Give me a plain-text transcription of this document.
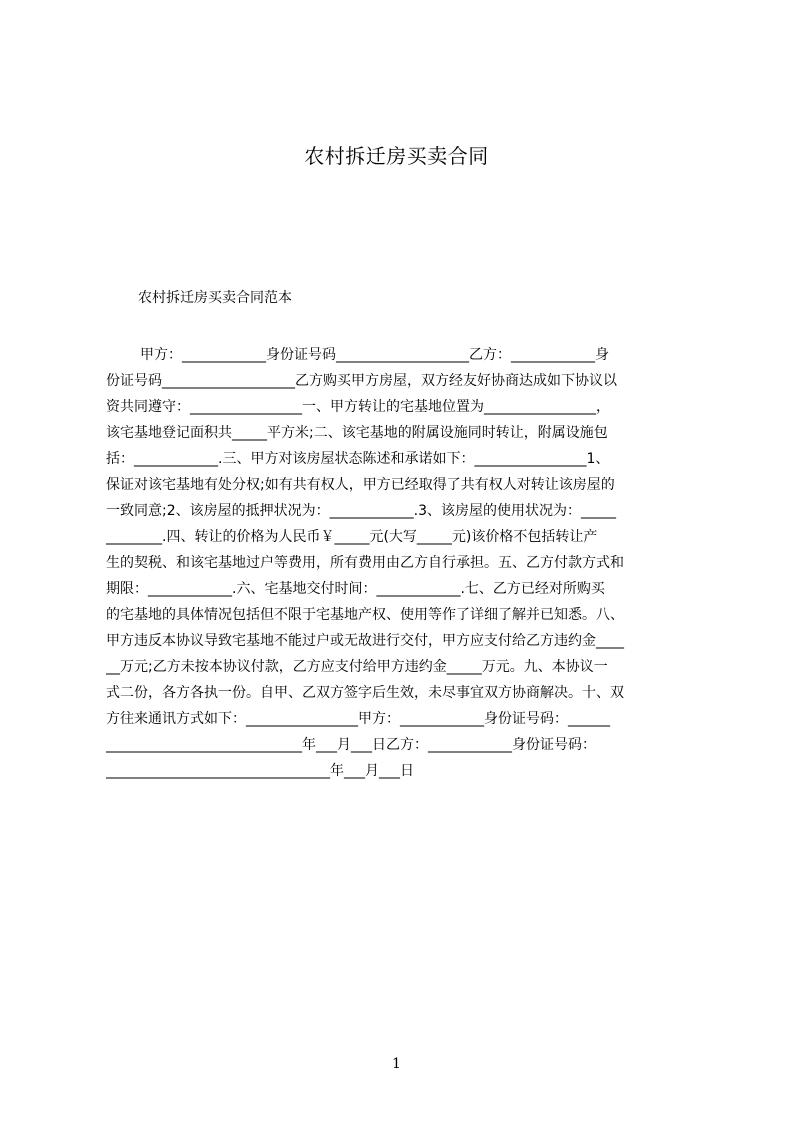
农村拆迁房买卖合同
农村拆迁房买卖合同范本
甲方：____________身份证号码___________________乙方：____________身
份证号码___________________乙方购买甲方房屋，双方经友好协商达成如下协议以
资共同遵守：________________一、甲方转让的宅基地位置为________________，
该宅基地登记面积共_____平方米;二、该宅基地的附属设施同时转让，附属设施包
括：____________.三、甲方对该房屋状态陈述和承诺如下：________________1、
保证对该宅基地有处分权;如有共有权人，甲方已经取得了共有权人对转让该房屋的
一致同意;2、该房屋的抵押状况为：____________.3、该房屋的使用状况为：_____
________.四、转让的价格为人民币￥_____元(大写_____元)该价格不包括转让产
生的契税、和该宅基地过户等费用，所有费用由乙方自行承担。五、乙方付款方式和
期限：____________.六、宅基地交付时间：____________.七、乙方已经对所购买
的宅基地的具体情况包括但不限于宅基地产权、使用等作了详细了解并已知悉。八、
甲方违反本协议导致宅基地不能过户或无故进行交付，甲方应支付给乙方违约金____
__万元;乙方未按本协议付款，乙方应支付给甲方违约金_____万元。九、本协议一
式二份，各方各执一份。自甲、乙双方签字后生效，未尽事宜双方协商解决。十、双
方往来通讯方式如下：________________甲方：____________身份证号码：______
____________________________年___月___日乙方：____________身份证号码：
________________________________年___月___日
1
